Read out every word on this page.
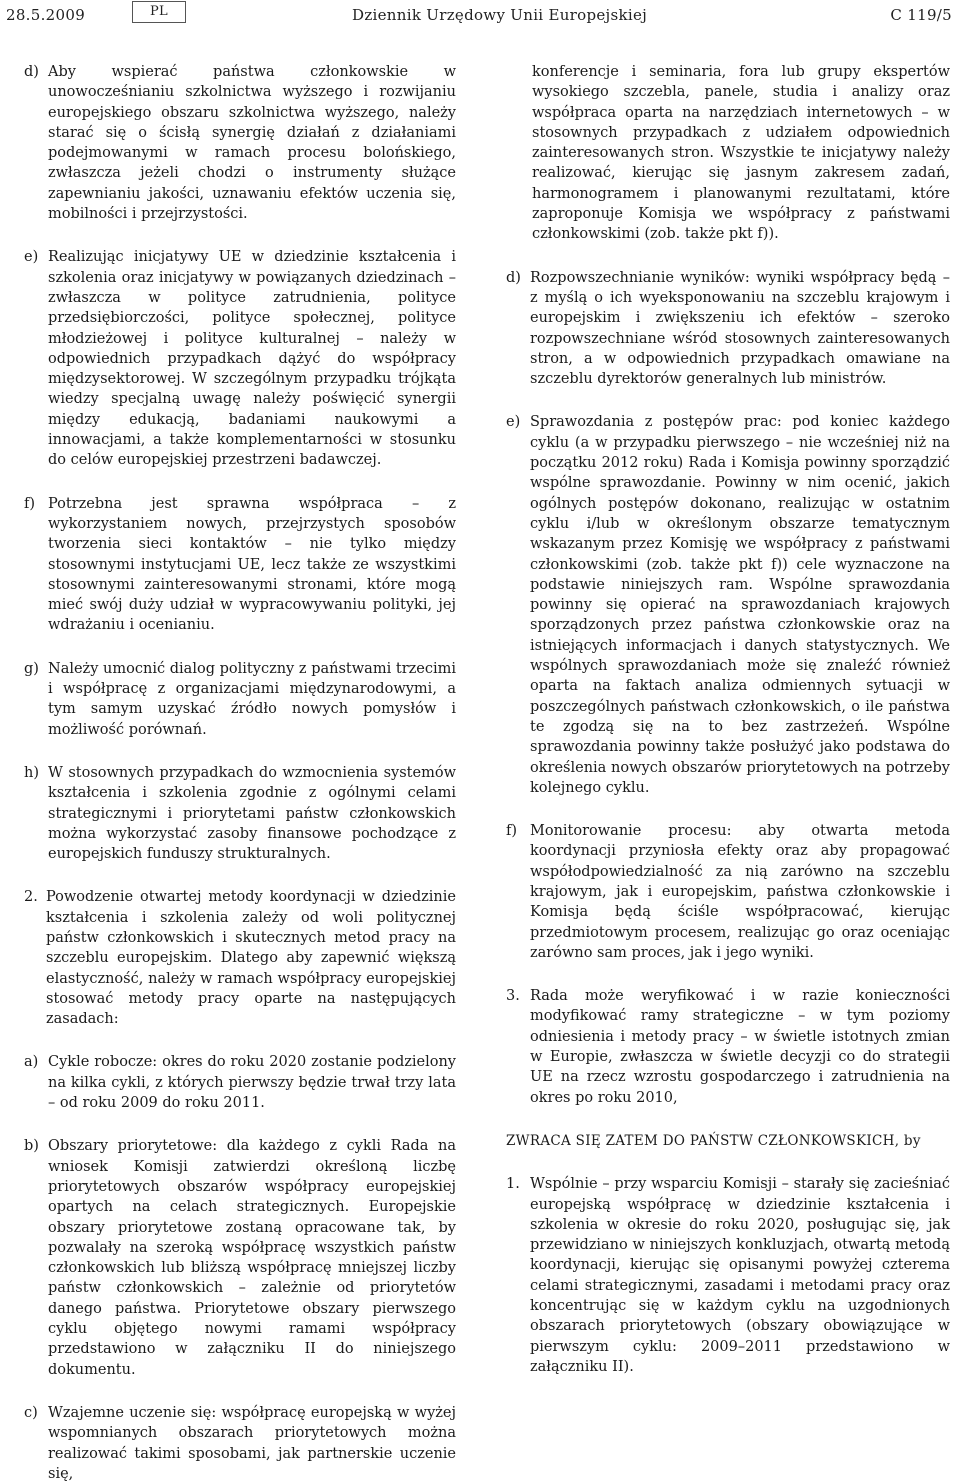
28.5.2009	PL	Dziennik Urzędowy Unii Europejskiej	C 119/5
d) Aby wspierać państwa członkowskie w unowocześnianiu szkolnictwa wyższego i rozwijaniu europejskiego obszaru szkolnictwa wyższego, należy starać się o ścisłą synergię działań z działaniami podejmowanymi w ramach procesu bolońskiego, zwłaszcza jeżeli chodzi o instrumenty służące zapewnianiu jakości, uznawaniu efektów uczenia się, mobilności i przejrzystości.
e) Realizując inicjatywy UE w dziedzinie kształcenia i szkolenia oraz inicjatywy w powiązanych dziedzinach – zwłaszcza w polityce zatrudnienia, polityce przedsiębiorczości, polityce społecznej, polityce młodzieżowej i polityce kulturalnej – należy w odpowiednich przypadkach dążyć do współpracy międzysektorowej. W szczególnym przypadku trójkąta wiedzy specjalną uwagę należy poświęcić synergii między edukacją, badaniami naukowymi a innowacjami, a także komplementarności w stosunku do celów europejskiej przestrzeni badawczej.
f) Potrzebna jest sprawna współpraca – z wykorzystaniem nowych, przejrzystych sposobów tworzenia sieci kontaktów – nie tylko między stosownymi instytucjami UE, lecz także ze wszystkimi stosownymi zainteresowanymi stronami, które mogą mieć swój duży udział w wypracowywaniu polityki, jej wdrażaniu i ocenianiu.
g) Należy umocnić dialog polityczny z państwami trzecimi i współpracę z organizacjami międzynarodowymi, a tym samym uzyskać źródło nowych pomysłów i możliwość porównań.
h) W stosownych przypadkach do wzmocnienia systemów kształcenia i szkolenia zgodnie z ogólnymi celami strategicznymi i priorytetami państw członkowskich można wykorzystać zasoby finansowe pochodzące z europejskich funduszy strukturalnych.
2. Powodzenie otwartej metody koordynacji w dziedzinie kształcenia i szkolenia zależy od woli politycznej państw członkowskich i skutecznych metod pracy na szczeblu europejskim. Dlatego aby zapewnić większą elastyczność, należy w ramach współpracy europejskiej stosować metody pracy oparte na następujących zasadach:
a) Cykle robocze: okres do roku 2020 zostanie podzielony na kilka cykli, z których pierwszy będzie trwał trzy lata – od roku 2009 do roku 2011.
b) Obszary priorytetowe: dla każdego z cykli Rada na wniosek Komisji zatwierdzi określoną liczbę priorytetowych obszarów współpracy europejskiej opartych na celach strategicznych. Europejskie obszary priorytetowe zostaną opracowane tak, by pozwalały na szeroką współpracę wszystkich państw członkowskich lub bliższą współpracę mniejszej liczby państw członkowskich – zależnie od priorytetów danego państwa. Priorytetowe obszary pierwszego cyklu objętego nowymi ramami współpracy przedstawiono w załączniku II do niniejszego dokumentu.
c) Wzajemne uczenie się: współpracę europejską w wyżej wspomnianych obszarach priorytetowych można realizować takimi sposobami, jak partnerskie uczenie się,
konferencje i seminaria, fora lub grupy ekspertów wysokiego szczebla, panele, studia i analizy oraz współpraca oparta na narzędziach internetowych – w stosownych przypadkach z udziałem odpowiednich zainteresowanych stron. Wszystkie te inicjatywy należy realizować, kierując się jasnym zakresem zadań, harmonogramem i planowanymi rezultatami, które zaproponuje Komisja we współpracy z państwami członkowskimi (zob. także pkt f)).
d) Rozpowszechnianie wyników: wyniki współpracy będą – z myślą o ich wyeksponowaniu na szczeblu krajowym i europejskim i zwiększeniu ich efektów – szeroko rozpowszechniane wśród stosownych zainteresowanych stron, a w odpowiednich przypadkach omawiane na szczeblu dyrektorów generalnych lub ministrów.
e) Sprawozdania z postępów prac: pod koniec każdego cyklu (a w przypadku pierwszego – nie wcześniej niż na początku 2012 roku) Rada i Komisja powinny sporządzić wspólne sprawozdanie. Powinny w nim ocenić, jakich ogólnych postępów dokonano, realizując w ostatnim cyklu i/lub w określonym obszarze tematycznym wskazanym przez Komisję we współpracy z państwami członkowskimi (zob. także pkt f)) cele wyznaczone na podstawie niniejszych ram. Wspólne sprawozdania powinny się opierać na sprawozdaniach krajowych sporządzonych przez państwa członkowskie oraz na istniejących informacjach i danych statystycznych. We wspólnych sprawozdaniach może się znaleźć również oparta na faktach analiza odmiennych sytuacji w poszczególnych państwach członkowskich, o ile państwa te zgodzą się na to bez zastrzeżeń. Wspólne sprawozdania powinny także posłużyć jako podstawa do określenia nowych obszarów priorytetowych na potrzeby kolejnego cyklu.
f) Monitorowanie procesu: aby otwarta metoda koordynacji przyniosła efekty oraz aby propagować współodpowiedzialność za nią zarówno na szczeblu krajowym, jak i europejskim, państwa członkowskie i Komisja będą ściśle współpracować, kierując przedmiotowym procesem, realizując go oraz oceniając zarówno sam proces, jak i jego wyniki.
3. Rada może weryfikować i w razie konieczności modyfikować ramy strategiczne – w tym poziomy odniesienia i metody pracy – w świetle istotnych zmian w Europie, zwłaszcza w świetle decyzji co do strategii UE na rzecz wzrostu gospodarczego i zatrudnienia na okres po roku 2010,
ZWRACA SIĘ ZATEM DO PAŃSTW CZŁONKOWSKICH, by
1. Wspólnie – przy wsparciu Komisji – starały się zacieśniać europejską współpracę w dziedzinie kształcenia i szkolenia w okresie do roku 2020, posługując się, jak przewidziano w niniejszych konkluzjach, otwartą metodą koordynacji, kierując się opisanymi powyżej czterema celami strategicznymi, zasadami i metodami pracy oraz koncentrując się w każdym cyklu na uzgodnionych obszarach priorytetowych (obszary obowiązujące w pierwszym cyklu: 2009–2011 przedstawiono w załączniku II).
